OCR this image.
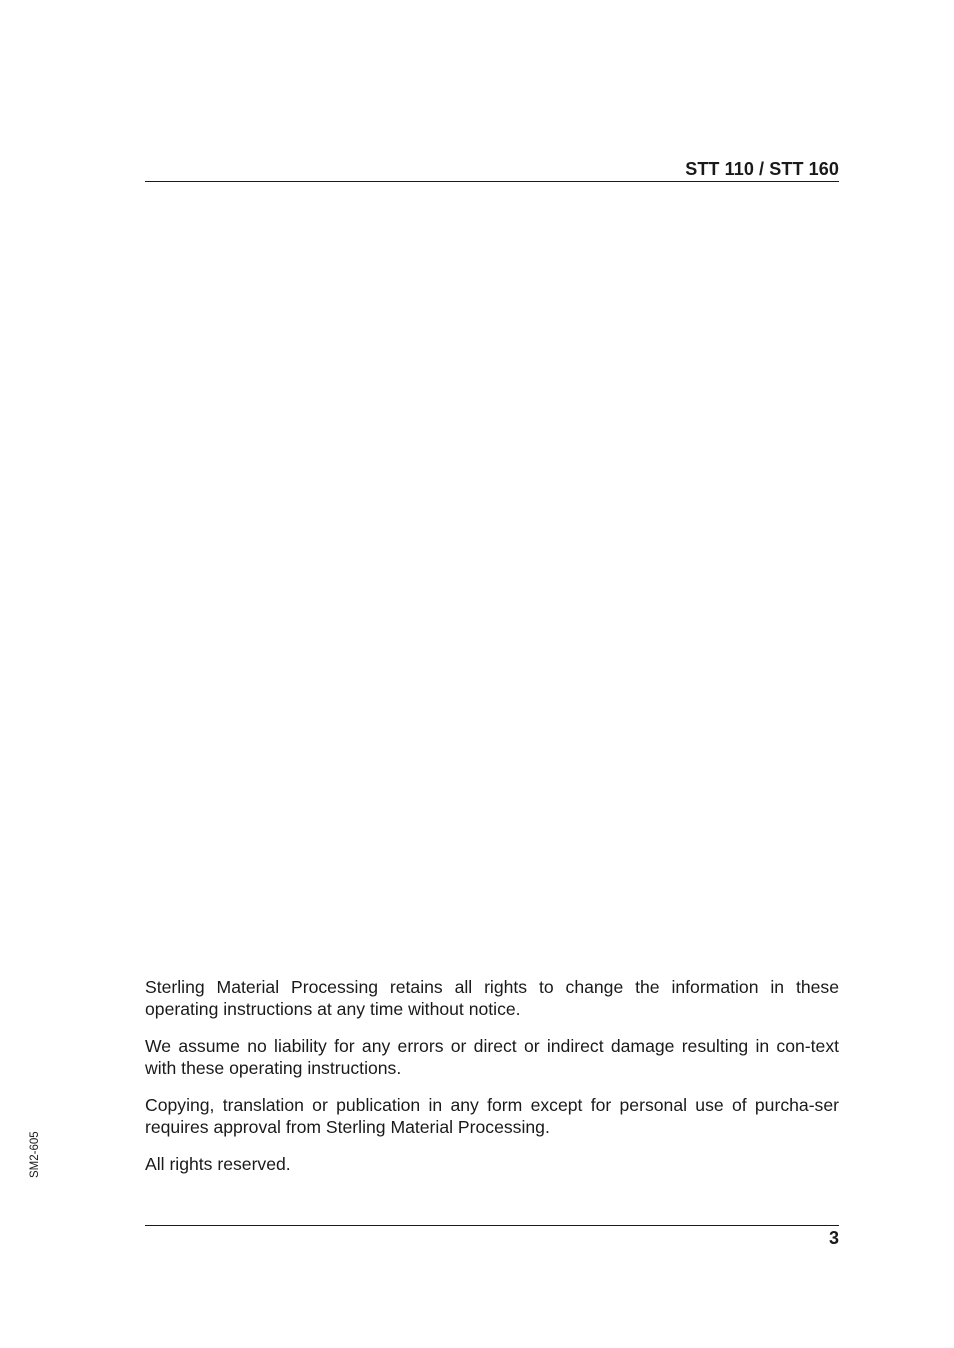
STT 110 / STT 160

Sterling Material Processing retains all rights to change the information in these operating instructions at any time without notice.

We assume no liability for any errors or direct or indirect damage resulting in con-text with these operating instructions.

Copying, translation or publication in any form except for personal use of purcha-ser requires approval from Sterling Material Processing.

All rights reserved.

SM2-605
3
